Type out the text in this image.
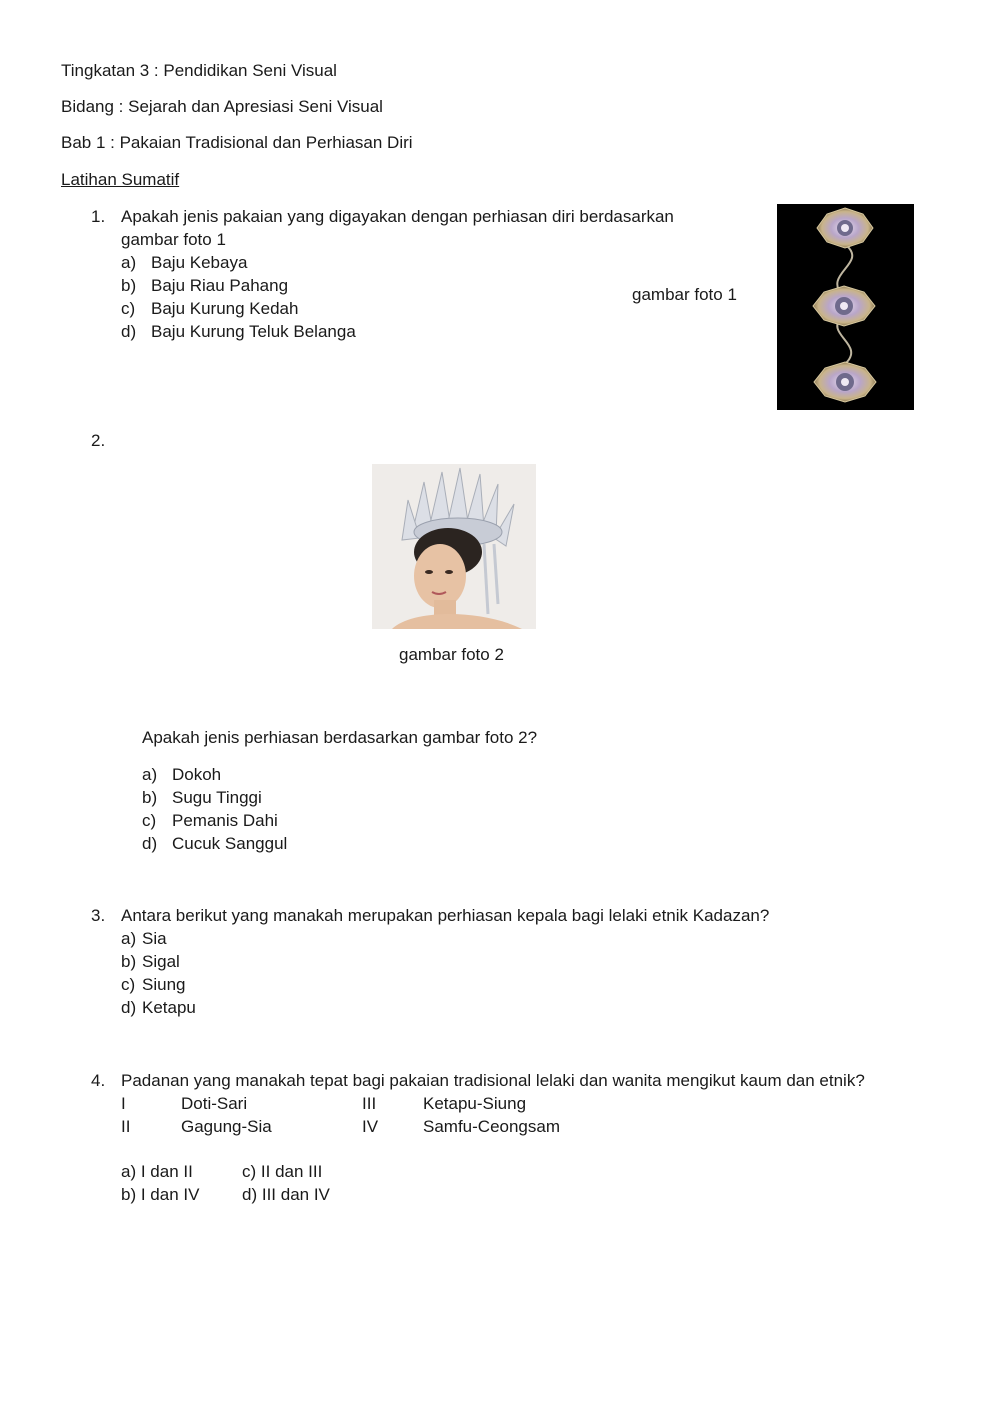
Tingkatan 3 : Pendidikan Seni Visual
Bidang : Sejarah dan Apresiasi Seni Visual
Bab 1 : Pakaian Tradisional dan Perhiasan Diri
Latihan Sumatif
1. Apakah jenis pakaian yang digayakan dengan perhiasan diri berdasarkan
gambar foto 1
a) Baju Kebaya
b) Baju Riau Pahang
c) Baju Kurung Kedah
d) Baju Kurung Teluk Belanga
gambar foto 1
2.
gambar foto 2
Apakah jenis perhiasan berdasarkan gambar foto 2?
a) Dokoh
b) Sugu Tinggi
c) Pemanis Dahi
d) Cucuk Sanggul
3. Antara berikut yang manakah merupakan perhiasan kepala bagi lelaki etnik Kadazan?
a) Sia
b) Sigal
c) Siung
d) Ketapu
4. Padanan yang manakah tepat bagi pakaian tradisional lelaki dan wanita mengikut kaum dan etnik?
I	Doti-Sari
II	Gagung-Sia
III	Ketapu-Siung
IV	Samfu-Ceongsam
a) I dan II
b) I dan IV
c) II dan III
d) III dan IV
